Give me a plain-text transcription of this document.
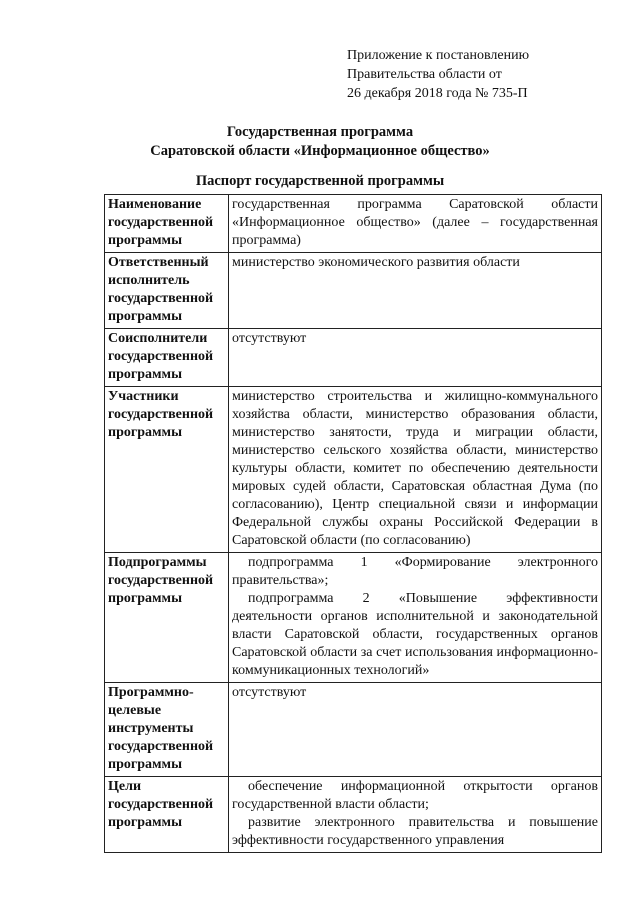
Приложение к постановлению
Правительства области от
26 декабря 2018 года № 735-П
Государственная программа
Саратовской области «Информационное общество»
Паспорт государственной программы
Наименование государственной программы	государственная программа Саратовской области «Информационное общество» (далее – государственная программа)
Ответственный исполнитель государственной программы	министерство экономического развития области
Соисполнители государственной программы	отсутствуют
Участники государственной программы	министерство строительства и жилищно-коммунального хозяйства области, министерство образования области, министерство занятости, труда и миграции области, министерство сельского хозяйства области, министерство культуры области, комитет по обеспечению деятельности мировых судей области, Саратовская областная Дума (по согласованию), Центр специальной связи и информации Федеральной службы охраны Российской Федерации в Саратовской области (по согласованию)
Подпрограммы государственной программы	подпрограмма 1 «Формирование электронного правительства»;

подпрограмма 2 «Повышение эффективности деятельности органов исполнительной и законодательной власти Саратовской области, государственных органов Саратовской области за счет использования информационно-коммуникационных технологий»

Программно-целевые инструменты государственной программы	отсутствуют
Цели государственной программы	обеспечение информационной открытости органов государственной власти области;

развитие электронного правительства и повышение эффективности государственного управления
